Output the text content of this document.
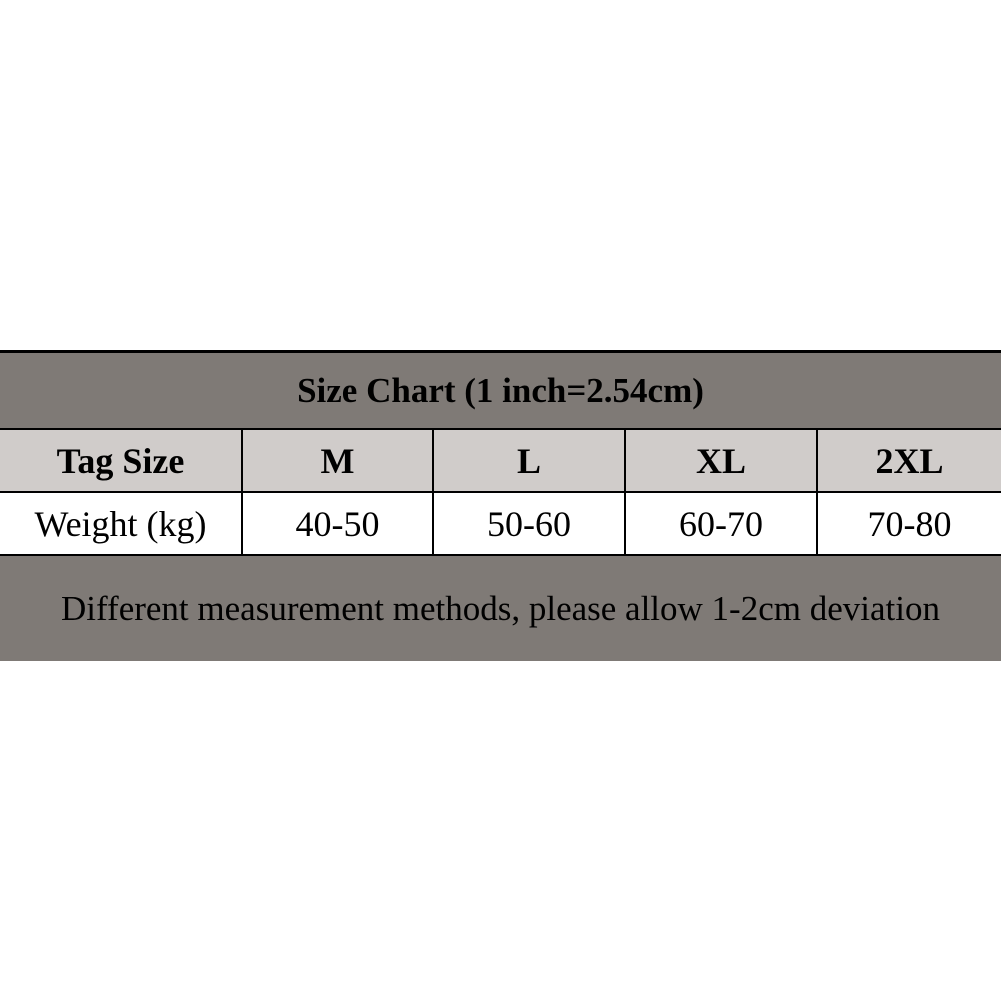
Size Chart (1 inch=2.54cm)
Tag Size	M	L	XL	2XL
Weight (kg)	40-50	50-60	60-70	70-80
Different measurement methods, please allow 1-2cm deviation
